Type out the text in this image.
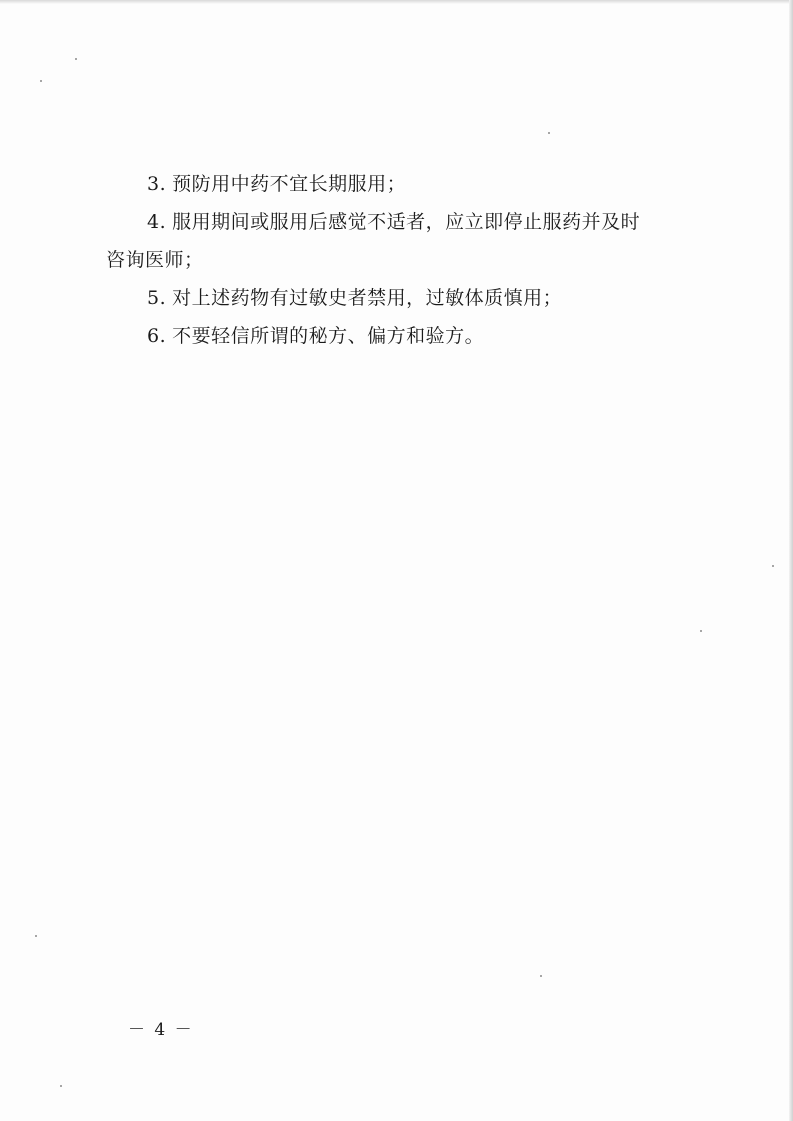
3. 预防用中药不宜长期服用；

4. 服用期间或服用后感觉不适者，应立即停止服药并及时

咨询医师；

5. 对上述药物有过敏史者禁用，过敏体质慎用；

6. 不要轻信所谓的秘方、偏方和验方。

－ 4 －
